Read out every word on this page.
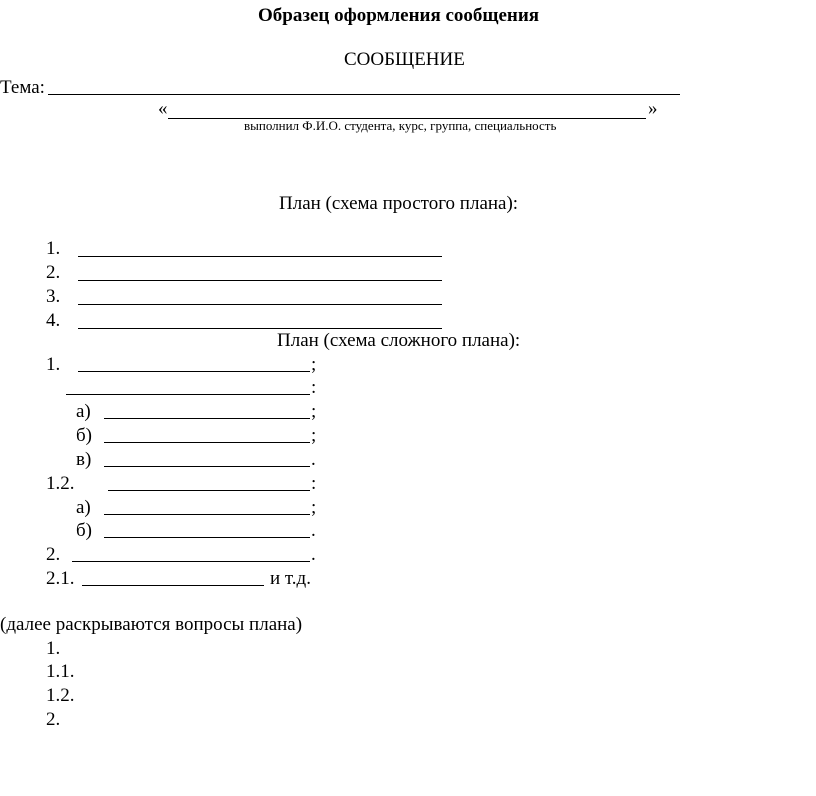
Образец оформления сообщения
СООБЩЕНИЕ
Тема:
«	»
выполнил Ф.И.О. студента, курс, группа, специальность
План (схема простого плана):
1.
2.
3.
4.
План (схема сложного плана):
1.	;
:
а)	;
б)	;
в)	.
1.2.	:
а)	;
б)	.
2.	.
2.1.	и т.д.
(далее раскрываются вопросы плана)
1.
1.1.
1.2.
2.
